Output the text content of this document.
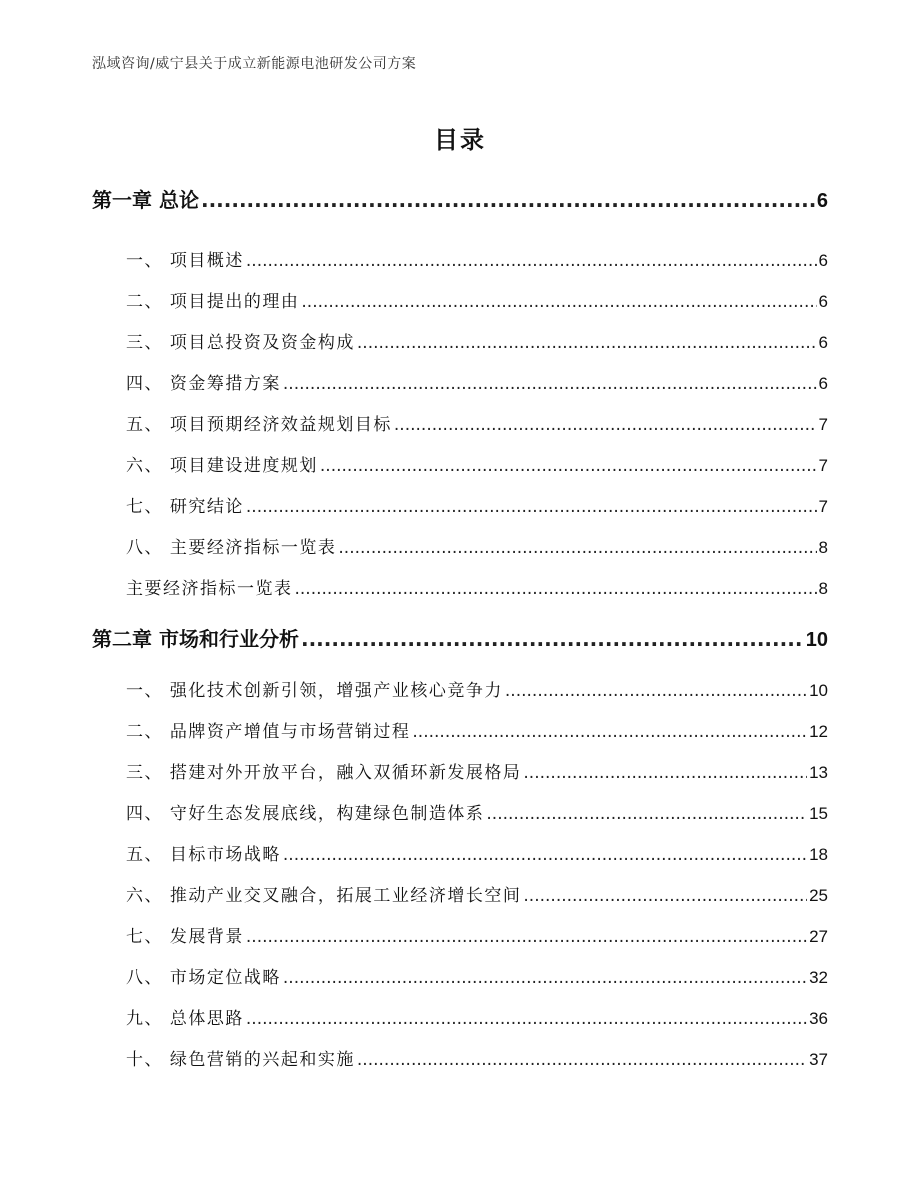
泓域咨询/威宁县关于成立新能源电池研发公司方案
目录
第一章 总论 .....	6
一、 项目概述 .....	6
二、 项目提出的理由 .....	6
三、 项目总投资及资金构成 .....	6
四、 资金筹措方案 .....	6
五、 项目预期经济效益规划目标 .....	7
六、 项目建设进度规划 .....	7
七、 研究结论 .....	7
八、 主要经济指标一览表 .....	8
主要经济指标一览表 .....	8
第二章 市场和行业分析 .....	10
一、 强化技术创新引领，增强产业核心竞争力 .....	10
二、 品牌资产增值与市场营销过程 .....	12
三、 搭建对外开放平台，融入双循环新发展格局 .....	13
四、 守好生态发展底线，构建绿色制造体系 .....	15
五、 目标市场战略 .....	18
六、 推动产业交叉融合，拓展工业经济增长空间 .....	25
七、 发展背景 .....	27
八、 市场定位战略 .....	32
九、 总体思路 .....	36
十、 绿色营销的兴起和实施 .....	37
